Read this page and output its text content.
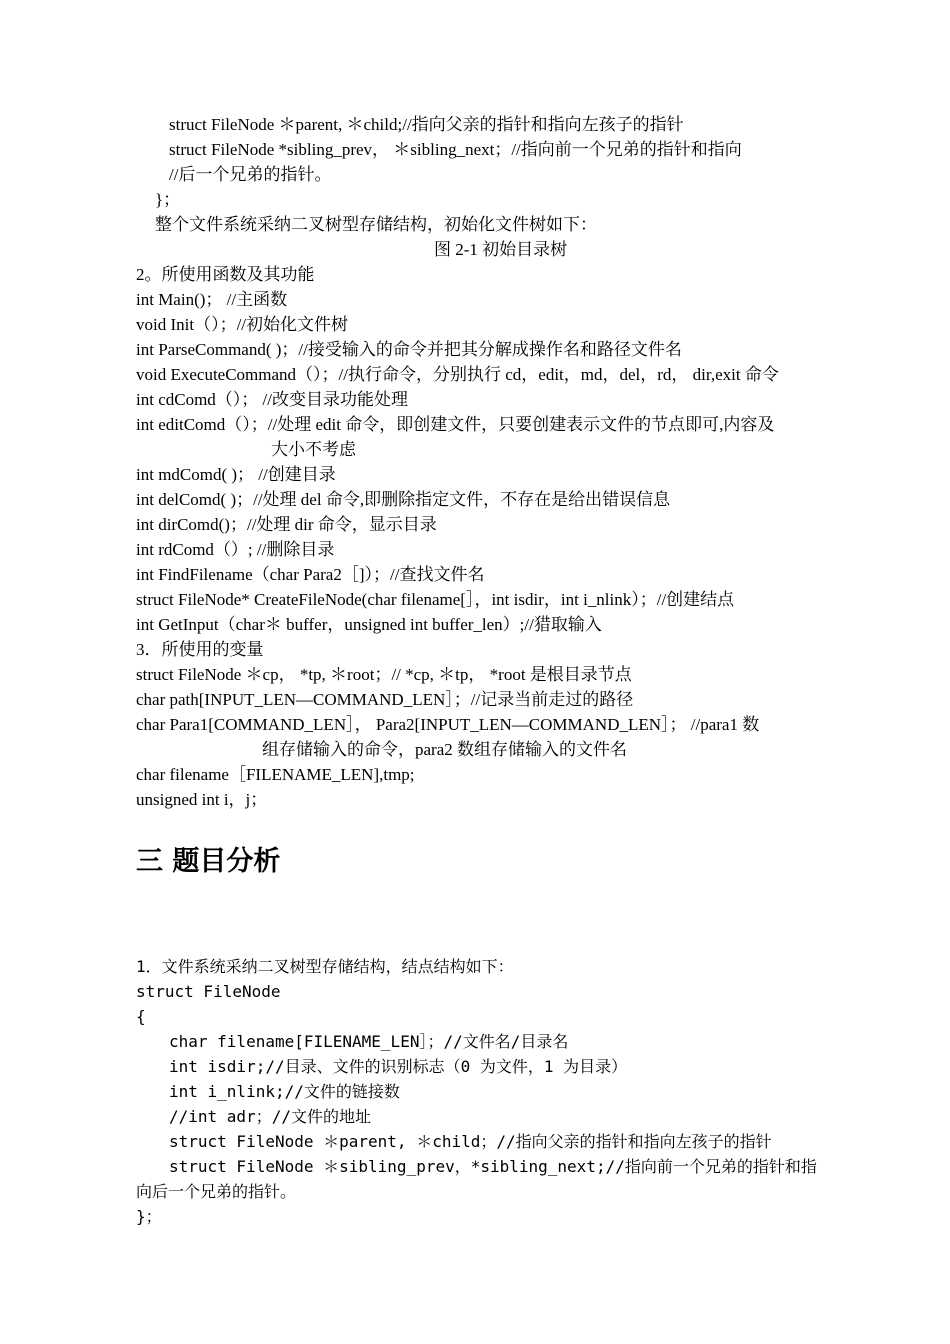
struct FileNode ＊parent, ＊child;//指向父亲的指针和指向左孩子的指针
struct FileNode *sibling_prev， ＊sibling_next；//指向前一个兄弟的指针和指向
//后一个兄弟的指针。
}；
整个文件系统采纳二叉树型存储结构，初始化文件树如下：
图 2-1 初始目录树
2。所使用函数及其功能
int Main()； //主函数
void Init（）；//初始化文件树
int ParseCommand( )；//接受输入的命令并把其分解成操作名和路径文件名
void ExecuteCommand（）；//执行命令，分别执行 cd，edit，md，del，rd， dir,exit 命令
int cdComd（）； //改变目录功能处理
int editComd（）；//处理 edit 命令，即创建文件，只要创建表示文件的节点即可,内容及
大小不考虑
int mdComd( )； //创建目录
int delComd( )；//处理 del 命令,即删除指定文件，不存在是给出错误信息
int dirComd()；//处理 dir 命令，显示目录
int rdComd（）; //删除目录
int FindFilename（char Para2［]）；//查找文件名
struct FileNode* CreateFileNode(char filename[］，int isdir，int i_nlink）；//创建结点
int GetInput（char＊ buffer，unsigned int buffer_len）;//猎取输入
3．所使用的变量
struct FileNode ＊cp， *tp, ＊root；// *cp, ＊tp， *root 是根目录节点
char path[INPUT_LEN—COMMAND_LEN］；//记录当前走过的路径
char Para1[COMMAND_LEN］， Para2[INPUT_LEN—COMMAND_LEN］； //para1 数
组存储输入的命令，para2 数组存储输入的文件名
char filename［FILENAME_LEN],tmp;
unsigned int i，j；
三 题目分析
1．文件系统采纳二叉树型存储结构，结点结构如下：
struct FileNode
{
char filename[FILENAME_LEN］；//文件名/目录名
int isdir;//目录、文件的识别标志（0 为文件，1 为目录）
int i_nlink;//文件的链接数
//int adr；//文件的地址
struct FileNode ＊parent, ＊child；//指向父亲的指针和指向左孩子的指针
struct FileNode ＊sibling_prev，*sibling_next;//指向前一个兄弟的指针和指
向后一个兄弟的指针。
}；
